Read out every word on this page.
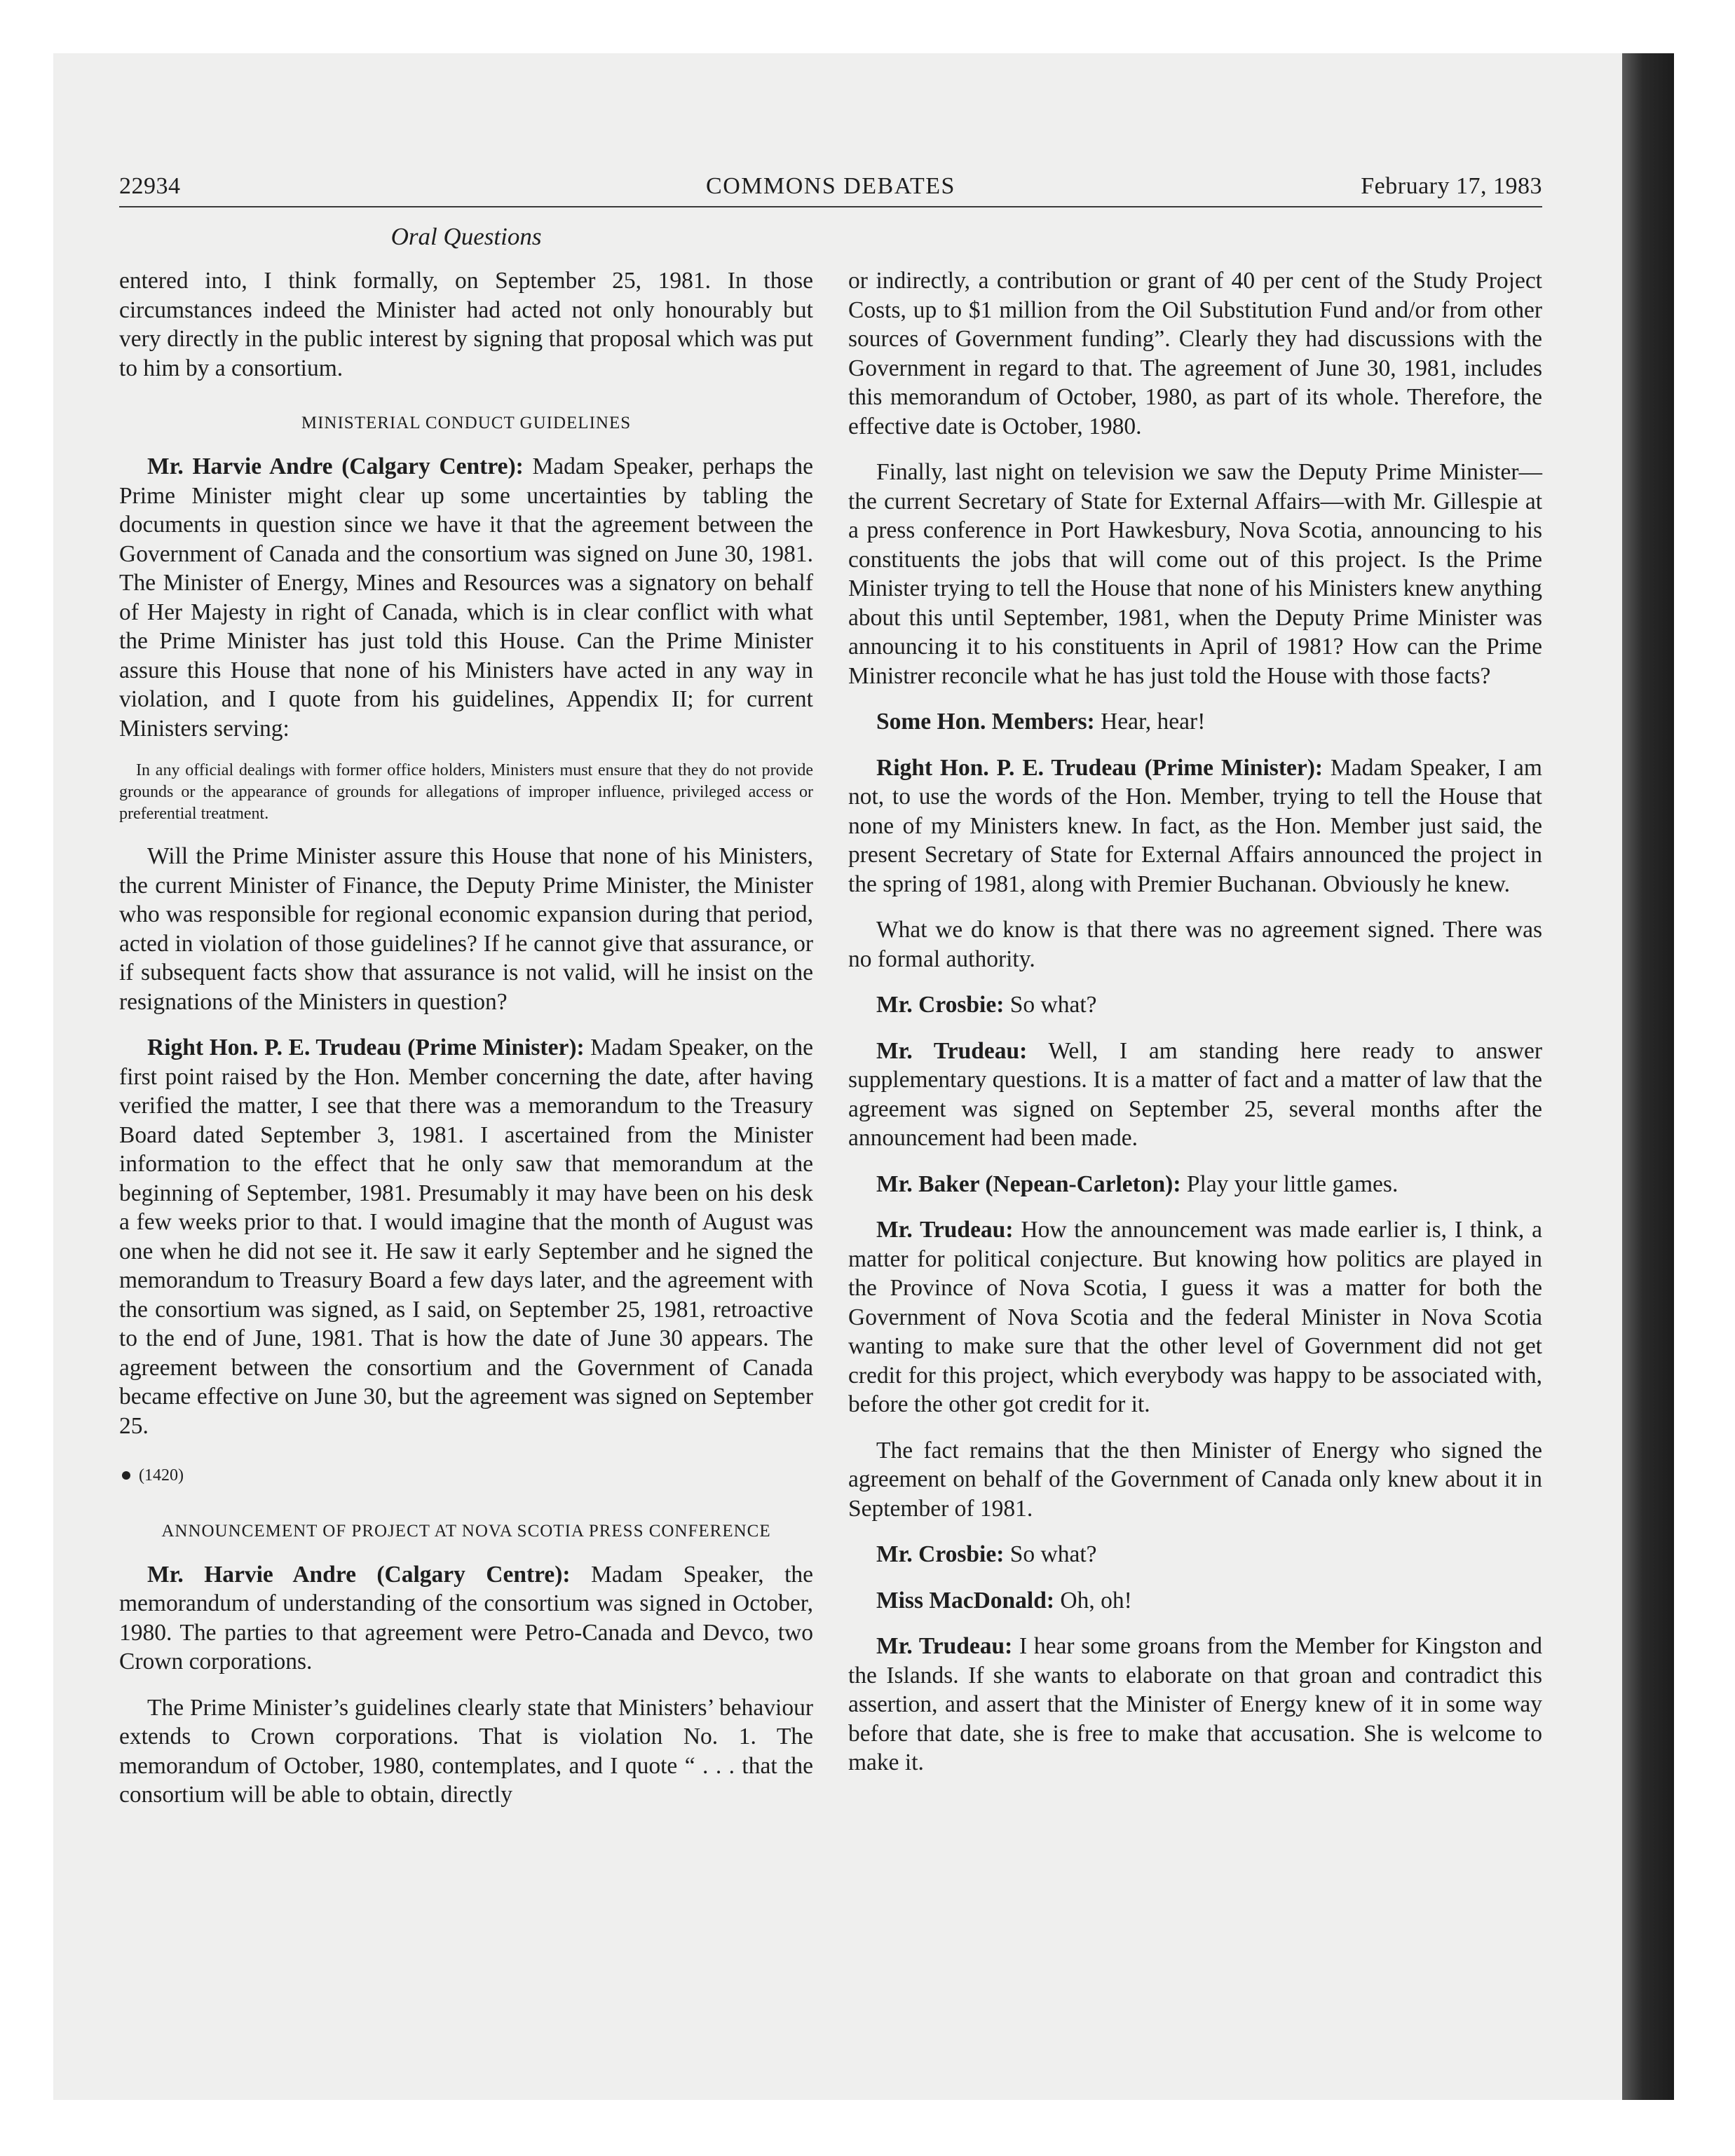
22934	COMMONS DEBATES	February 17, 1983
Oral Questions

entered into, I think formally, on September 25, 1981. In those circumstances indeed the Minister had acted not only honourably but very directly in the public interest by signing that proposal which was put to him by a consortium.

MINISTERIAL CONDUCT GUIDELINES

Mr. Harvie Andre (Calgary Centre): Madam Speaker, perhaps the Prime Minister might clear up some uncertainties by tabling the documents in question since we have it that the agreement between the Government of Canada and the consortium was signed on June 30, 1981. The Minister of Energy, Mines and Resources was a signatory on behalf of Her Majesty in right of Canada, which is in clear conflict with what the Prime Minister has just told this House. Can the Prime Minister assure this House that none of his Ministers have acted in any way in violation, and I quote from his guidelines, Appendix II; for current Ministers serving:

In any official dealings with former office holders, Ministers must ensure that they do not provide grounds or the appearance of grounds for allegations of improper influence, privileged access or preferential treatment.

Will the Prime Minister assure this House that none of his Ministers, the current Minister of Finance, the Deputy Prime Minister, the Minister who was responsible for regional economic expansion during that period, acted in violation of those guidelines? If he cannot give that assurance, or if subsequent facts show that assurance is not valid, will he insist on the resignations of the Ministers in question?

Right Hon. P. E. Trudeau (Prime Minister): Madam Speaker, on the first point raised by the Hon. Member concerning the date, after having verified the matter, I see that there was a memorandum to the Treasury Board dated September 3, 1981. I ascertained from the Minister information to the effect that he only saw that memorandum at the beginning of September, 1981. Presumably it may have been on his desk a few weeks prior to that. I would imagine that the month of August was one when he did not see it. He saw it early September and he signed the memorandum to Treasury Board a few days later, and the agreement with the consortium was signed, as I said, on September 25, 1981, retroactive to the end of June, 1981. That is how the date of June 30 appears. The agreement between the consortium and the Government of Canada became effective on June 30, but the agreement was signed on September 25.

(1420)
ANNOUNCEMENT OF PROJECT AT NOVA SCOTIA PRESS CONFERENCE

Mr. Harvie Andre (Calgary Centre): Madam Speaker, the memorandum of understanding of the consortium was signed in October, 1980. The parties to that agreement were Petro-Canada and Devco, two Crown corporations.

The Prime Minister’s guidelines clearly state that Ministers’ behaviour extends to Crown corporations. That is violation No. 1. The memorandum of October, 1980, contemplates, and I quote “ . . . that the consortium will be able to obtain, directly

or indirectly, a contribution or grant of 40 per cent of the Study Project Costs, up to $1 million from the Oil Substitution Fund and/or from other sources of Government funding”. Clearly they had discussions with the Government in regard to that. The agreement of June 30, 1981, includes this memorandum of October, 1980, as part of its whole. Therefore, the effective date is October, 1980.

Finally, last night on television we saw the Deputy Prime Minister—the current Secretary of State for External Affairs—with Mr. Gillespie at a press conference in Port Hawkesbury, Nova Scotia, announcing to his constituents the jobs that will come out of this project. Is the Prime Minister trying to tell the House that none of his Ministers knew anything about this until September, 1981, when the Deputy Prime Minister was announcing it to his constituents in April of 1981? How can the Prime Ministrer reconcile what he has just told the House with those facts?

Some Hon. Members: Hear, hear!

Right Hon. P. E. Trudeau (Prime Minister): Madam Speaker, I am not, to use the words of the Hon. Member, trying to tell the House that none of my Ministers knew. In fact, as the Hon. Member just said, the present Secretary of State for External Affairs announced the project in the spring of 1981, along with Premier Buchanan. Obviously he knew.

What we do know is that there was no agreement signed. There was no formal authority.

Mr. Crosbie: So what?

Mr. Trudeau: Well, I am standing here ready to answer supplementary questions. It is a matter of fact and a matter of law that the agreement was signed on September 25, several months after the announcement had been made.

Mr. Baker (Nepean-Carleton): Play your little games.

Mr. Trudeau: How the announcement was made earlier is, I think, a matter for political conjecture. But knowing how politics are played in the Province of Nova Scotia, I guess it was a matter for both the Government of Nova Scotia and the federal Minister in Nova Scotia wanting to make sure that the other level of Government did not get credit for this project, which everybody was happy to be associated with, before the other got credit for it.

The fact remains that the then Minister of Energy who signed the agreement on behalf of the Government of Canada only knew about it in September of 1981.

Mr. Crosbie: So what?

Miss MacDonald: Oh, oh!

Mr. Trudeau: I hear some groans from the Member for Kingston and the Islands. If she wants to elaborate on that groan and contradict this assertion, and assert that the Minister of Energy knew of it in some way before that date, she is free to make that accusation. She is welcome to make it.
